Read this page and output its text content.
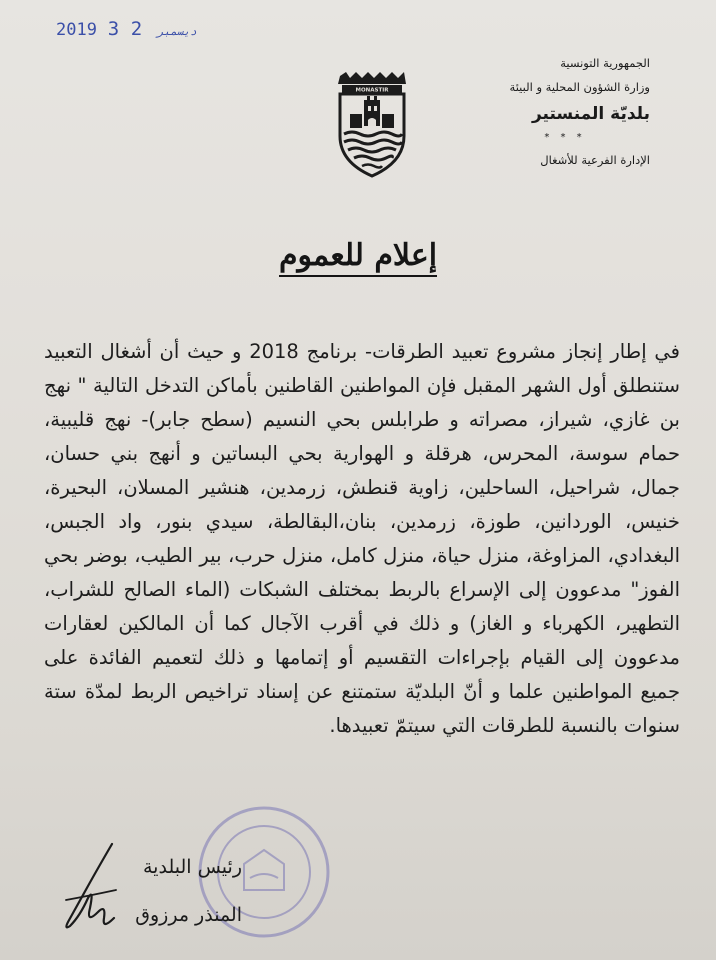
2019	ديسمبر 2 3
الجمهورية التونسية
وزارة الشؤون المحلية و البيئة
بلديّة المنستير
* * *
الإدارة الفرعية للأشغال
MONASTIR
إعلام للعموم
في إطار إنجاز مشروع تعبيد الطرقات- برنامج 2018 و حيث أن أشغال التعبيد ستنطلق أول الشهر المقبل فإن المواطنين القاطنين بأماكن التدخل التالية " نهج بن غازي، شيراز، مصراته و طرابلس بحي النسيم (سطح جابر)- نهج قليبية، حمام سوسة، المحرس، هرقلة و الهوارية بحي البساتين و أنهج بني حسان، جمال، شراحيل، الساحلين، زاوية قنطش، زرمدين، هنشير المسلان، البحيرة، خنيس، الوردانين، طوزة، زرمدين، بنان،البقالطة، سيدي بنور، واد الجبس، البغدادي، المزاوغة، منزل حياة، منزل كامل، منزل حرب، بير الطيب، بوضر بحي الفوز" مدعوون إلى الإسراع بالربط بمختلف الشبكات (الماء الصالح للشراب، التطهير، الكهرباء و الغاز) و ذلك في أقرب الآجال كما أن المالكين لعقارات مدعوون إلى القيام بإجراءات التقسيم أو إتمامها و ذلك لتعميم الفائدة على جميع المواطنين علما و أنّ البلديّة ستمتنع عن إسناد تراخيص الربط لمدّة ستة سنوات بالنسبة للطرقات التي سيتمّ تعبيدها.
رئيس البلدية
المنذر مرزوق
